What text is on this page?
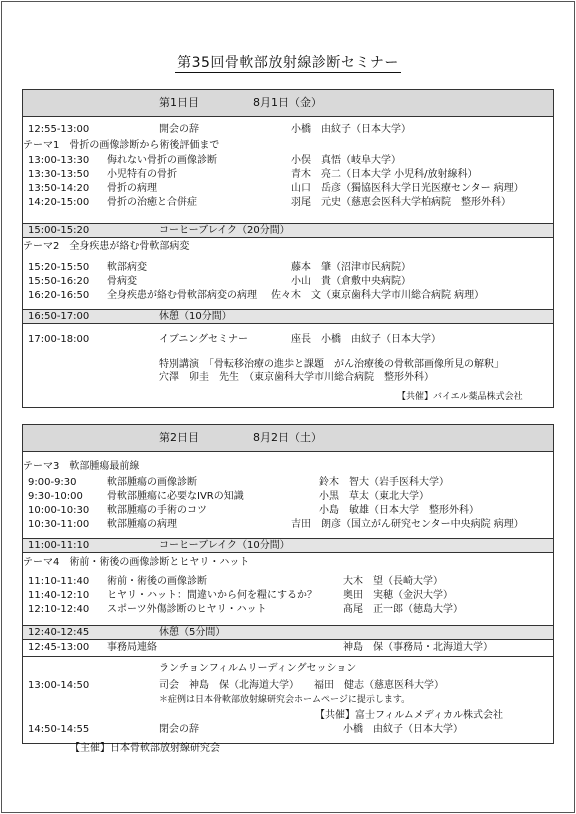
第35回骨軟部放射線診断セミナー
第1日目	8月1日（金）
12:55-13:00	開会の辞	小橋　由紋子（日本大学）
テーマ1　骨折の画像診断から術後評価まで
13:00-13:30 侮れない骨折の画像診断	小俣　真悟（岐阜大学）
13:30-13:50 小児特有の骨折	青木　亮二（日本大学 小児科/放射線科）
13:50-14:20 骨折の病理	山口　岳彦（獨協医科大学日光医療センター 病理）
14:20-15:00 骨折の治癒と合併症	羽尾　元史（慈恵会医科大学柏病院　整形外科）
15:00-15:20	コーヒーブレイク（20分間）
テーマ2　全身疾患が絡む骨軟部病変
15:20-15:50 軟部病変	藤本　肇（沼津市民病院）
15:50-16:20 骨病変	小山　貴（倉敷中央病院）
16:20-16:50 全身疾患が絡む骨軟部病変の病理 佐々木　文（東京歯科大学市川総合病院 病理）
16:50-17:00	休憩（10分間）
17:00-18:00	イブニングセミナー	座長　小橋　由紋子（日本大学）
特別講演　「骨転移治療の進歩と課題　がん治療後の骨軟部画像所見の解釈」
穴澤　卯圭　先生　（東京歯科大学市川総合病院　整形外科）
【共催】バイエル薬品株式会社
第2日目	8月2日（土）
テーマ3　軟部腫瘍最前線
9:00-9:30	軟部腫瘍の画像診断	鈴木　智大（岩手医科大学）
9:30-10:00 骨軟部腫瘍に必要なIVRの知識	小黒　草太（東北大学）
10:00-10:30 軟部腫瘍の手術のコツ	小島　敏雄（日本大学　整形外科）
10:30-11:00 軟部腫瘍の病理	吉田　朗彦（国立がん研究センター中央病院 病理）
11:00-11:10	コーヒーブレイク（10分間）
テーマ4　術前・術後の画像診断とヒヤリ・ハット
11:10-11:40 術前・術後の画像診断	大木　望（長崎大学）
11:40-12:10 ヒヤリ・ハット：間違いから何を糧にするか？	奥田　実穂（金沢大学）
12:10-12:40 スポーツ外傷診断のヒヤリ・ハット	髙尾　正一郎（徳島大学）
12:40-12:45	休憩（5分間）
12:45-13:00 事務局連絡	神島　保（事務局・北海道大学）
ランチョンフィルムリーディングセッション
13:00-14:50	司会　神島　保（北海道大学）　　福田　健志（慈恵医科大学）
＊症例は日本骨軟部放射線研究会ホームページに提示します。
【共催】富士フィルムメディカル株式会社
14:50-14:55	閉会の辞	小橋　由紋子（日本大学）
【主催】日本骨軟部放射線研究会
